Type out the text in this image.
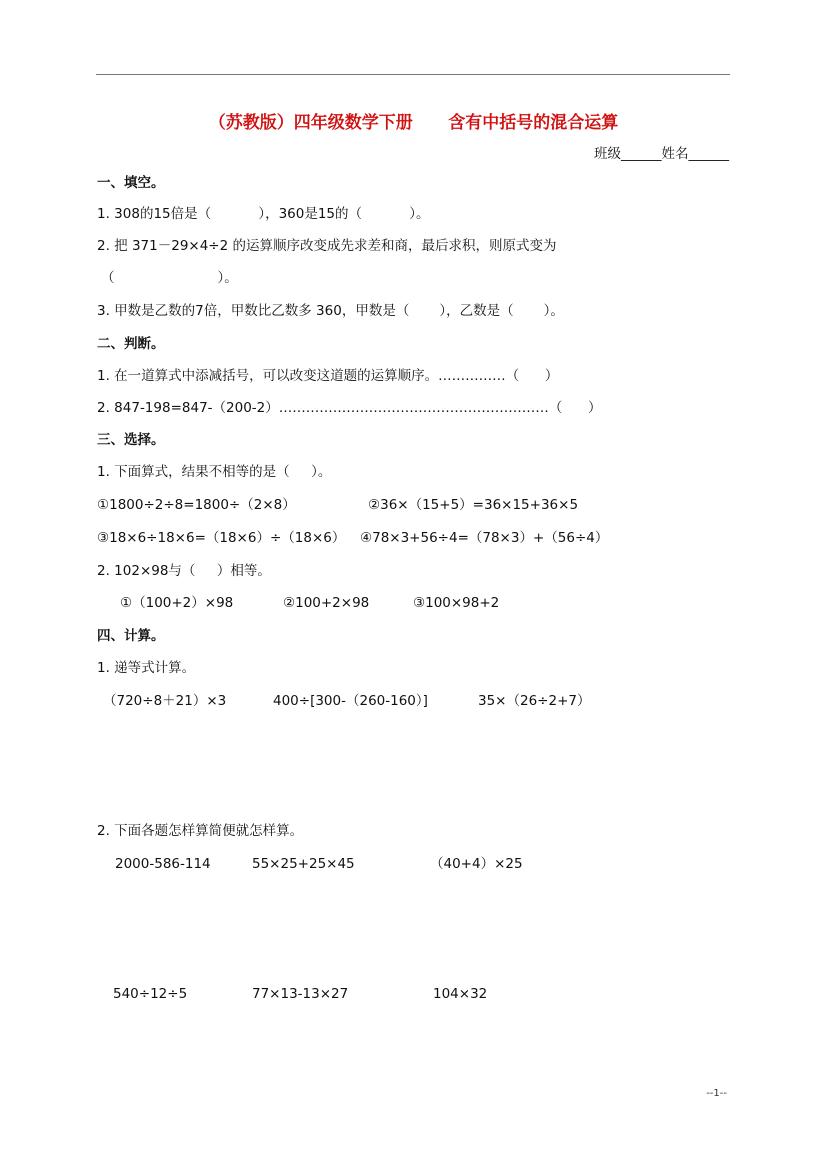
（苏教版）四年级数学下册      含有中括号的混合运算
班级______姓名______
一、填空。
1. 308的15倍是（           ），360是15的（           ）。
2. 把 371－29×4÷2 的运算顺序改变成先求差和商，最后求积，则原式变为
（                        ）。
3. 甲数是乙数的7倍，甲数比乙数多 360，甲数是（       ），乙数是（       ）。
二、判断。
1. 在一道算式中添减括号，可以改变这道题的运算顺序。……………（      ）
2. 847-198=847-（200-2）……………………………………………………（      ）
三、选择。
1. 下面算式，结果不相等的是（     ）。
①1800÷2÷8=1800÷（2×8）	②36×（15+5）=36×15+36×5
③18×6÷18×6=（18×6）÷（18×6） ④78×3+56÷4=（78×3）+（56÷4）
2. 102×98与（     ）相等。
①（100+2）×98	②100+2×98	③100×98+2
四、计算。
1. 递等式计算。
（720÷8＋21）×3	400÷[300-（260-160）]	35×（26÷2+7）
2. 下面各题怎样算简便就怎样算。
2000-586-114	55×25+25×45	（40+4）×25
540÷12÷5	77×13-13×27	104×32
--1--
